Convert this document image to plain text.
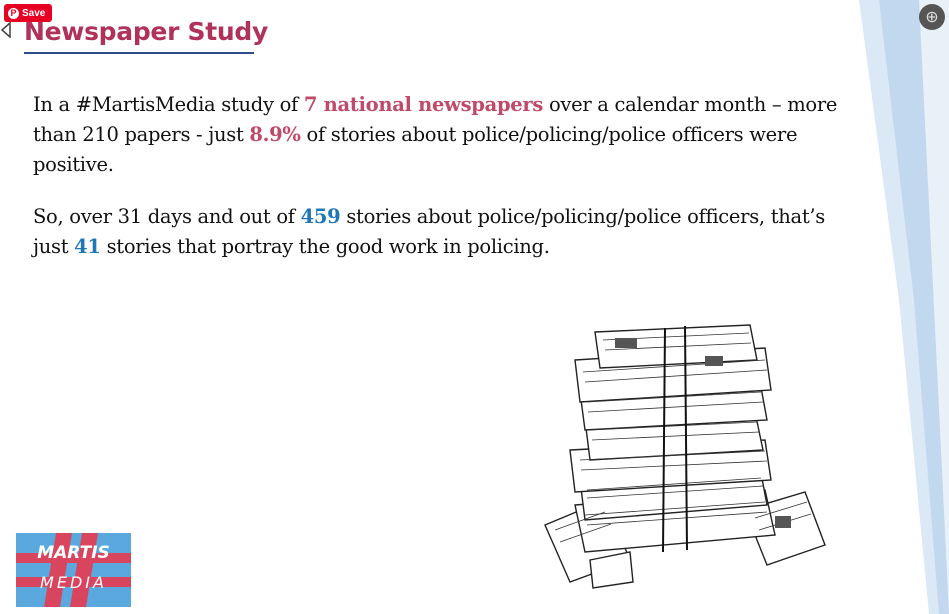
P Save	⊕
Newspaper Study

In a #MartisMedia study of 7 national newspapers over a calendar month – more than 210 papers - just 8.9% of stories about police/policing/police officers were positive.

So, over 31 days and out of 459 stories about police/policing/police officers, that’s just 41 stories that portray the good work in policing.

MARTIS
MEDIA
